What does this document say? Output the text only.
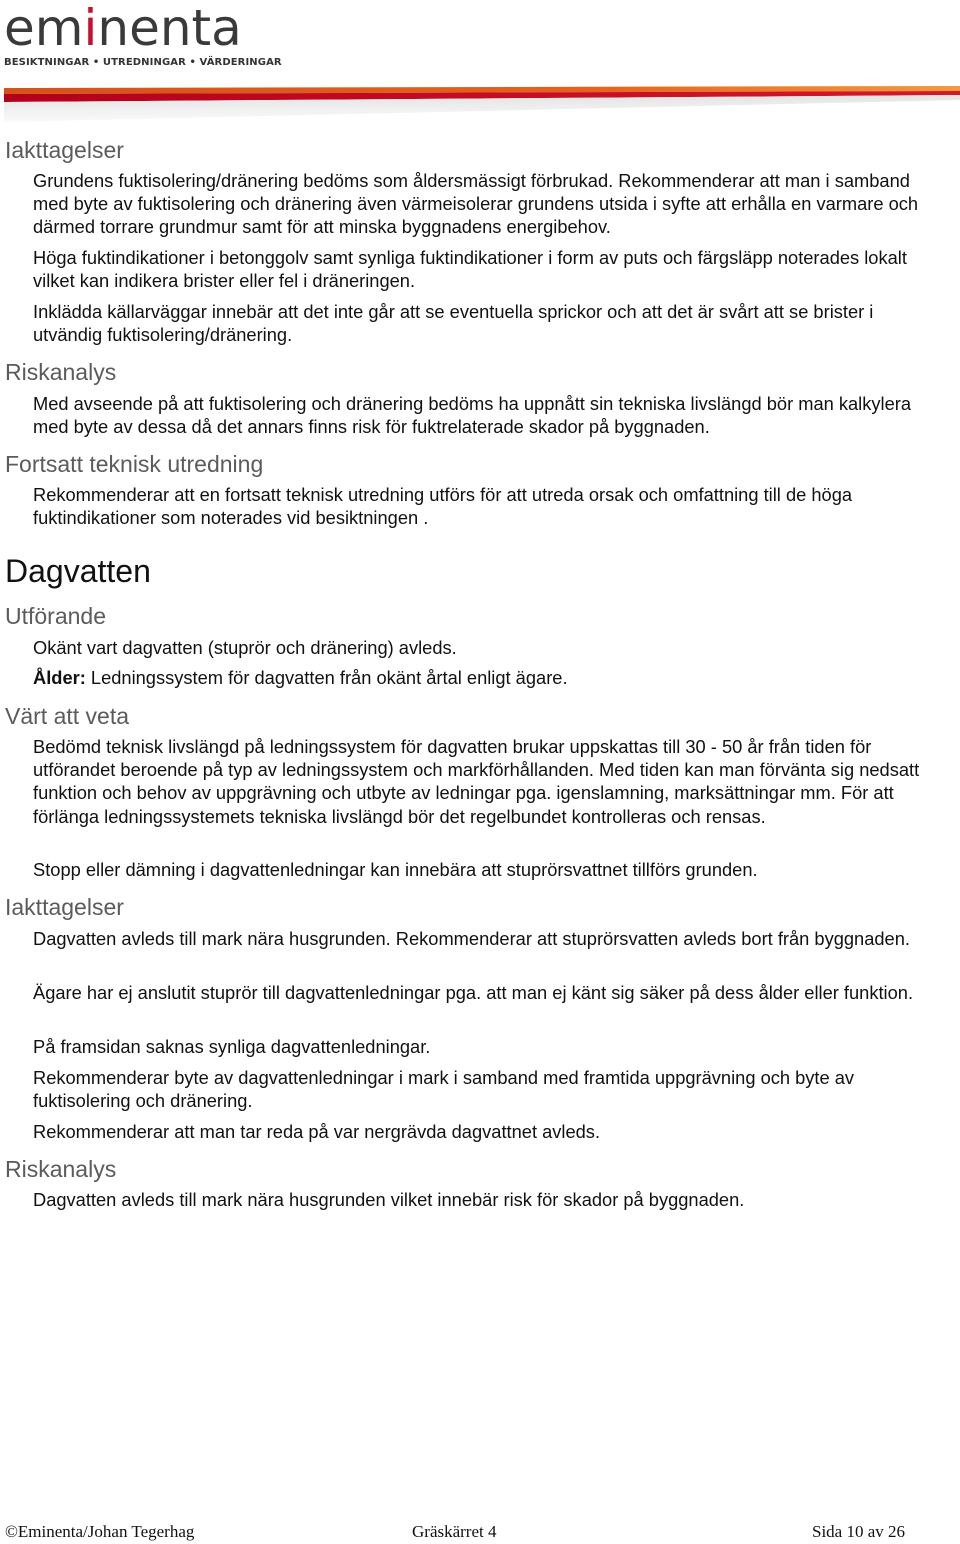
eminenta
BESIKTNINGAR • UTREDNINGAR • VÄRDERINGAR
Iakttagelser
Grundens fuktisolering/dränering bedöms som åldersmässigt förbrukad. Rekommenderar att man i samband med byte av fuktisolering och dränering även värmeisolerar grundens utsida i syfte att erhålla en varmare och därmed torrare grundmur samt för att minska byggnadens energibehov.
Höga fuktindikationer i betonggolv samt synliga fuktindikationer i form av puts och färgsläpp noterades lokalt vilket kan indikera brister eller fel i dräneringen.
Inklädda källarväggar innebär att det inte går att se eventuella sprickor och att det är svårt att se brister i utvändig fuktisolering/dränering.
Riskanalys
Med avseende på att fuktisolering och dränering bedöms ha uppnått sin tekniska livslängd bör man kalkylera med byte av dessa då det annars finns risk för fuktrelaterade skador på byggnaden.
Fortsatt teknisk utredning
Rekommenderar att en fortsatt teknisk utredning utförs för att utreda orsak och omfattning till de höga fuktindikationer som noterades vid besiktningen .
Dagvatten
Utförande
Okänt vart dagvatten (stuprör och dränering) avleds.
Ålder: Ledningssystem för dagvatten från okänt årtal enligt ägare.
Värt att veta
Bedömd teknisk livslängd på ledningssystem för dagvatten brukar uppskattas till 30 - 50 år från tiden för utförandet beroende på typ av ledningssystem och markförhållanden. Med tiden kan man förvänta sig nedsatt funktion och behov av uppgrävning och utbyte av ledningar pga. igenslamning, marksättningar mm. För att förlänga ledningssystemets tekniska livslängd bör det regelbundet kontrolleras och rensas.
Stopp eller dämning i dagvattenledningar kan innebära att stuprörsvattnet tillförs grunden.
Iakttagelser
Dagvatten avleds till mark nära husgrunden. Rekommenderar att stuprörsvatten avleds bort från byggnaden.
Ägare har ej anslutit stuprör till dagvattenledningar pga. att man ej känt sig säker på dess ålder eller funktion.
På framsidan saknas synliga dagvattenledningar.
Rekommenderar byte av dagvattenledningar i mark i samband med framtida uppgrävning och byte av fuktisolering och dränering.
Rekommenderar att man tar reda på var nergrävda dagvattnet avleds.
Riskanalys
Dagvatten avleds till mark nära husgrunden vilket innebär risk för skador på byggnaden.
©Eminenta/Johan Tegerhag	Gräskärret 4	Sida 10 av 26
